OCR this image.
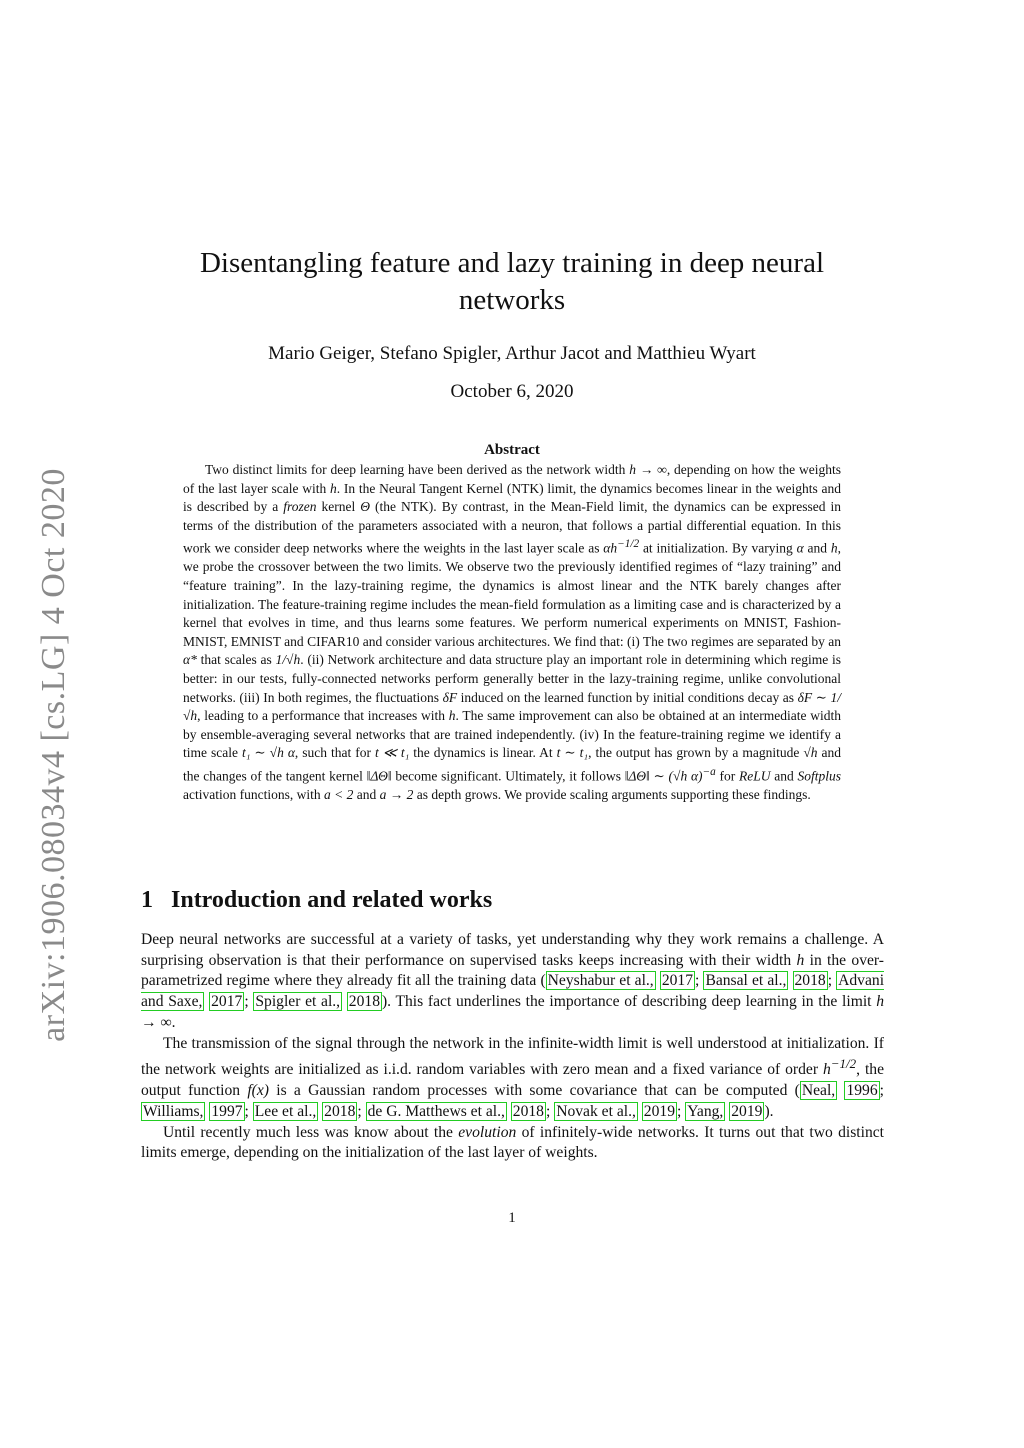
arXiv:1906.08034v4 [cs.LG] 4 Oct 2020
Disentangling feature and lazy training in deep neural networks
Mario Geiger, Stefano Spigler, Arthur Jacot and Matthieu Wyart
October 6, 2020
Abstract

Two distinct limits for deep learning have been derived as the network width h → ∞, depending on how the weights of the last layer scale with h. In the Neural Tangent Kernel (NTK) limit, the dynamics becomes linear in the weights and is described by a frozen kernel Θ (the NTK). By contrast, in the Mean-Field limit, the dynamics can be expressed in terms of the distribution of the parameters associated with a neuron, that follows a partial differential equation. In this work we consider deep networks where the weights in the last layer scale as $\alpha h^{-1/2}$ at initialization. By varying α and h, we probe the crossover between the two limits. We observe two the previously identified regimes of “lazy training” and “feature training”. In the lazy-training regime, the dynamics is almost linear and the NTK barely changes after initialization. The feature-training regime includes the mean-field formulation as a limiting case and is characterized by a kernel that evolves in time, and thus learns some features. We perform numerical experiments on MNIST, Fashion-MNIST, EMNIST and CIFAR10 and consider various architectures. We find that: (i) The two regimes are separated by an α* that scales as 1/√h. (ii) Network architecture and data structure play an important role in determining which regime is better: in our tests, fully-connected networks perform generally better in the lazy-training regime, unlike convolutional networks. (iii) In both regimes, the fluctuations δF induced on the learned function by initial conditions decay as δF ∼ 1/√h, leading to a performance that increases with h. The same improvement can also be obtained at an intermediate width by ensemble-averaging several networks that are trained independently. (iv) In the feature-training regime we identify a time scale t₁ ∼ √h α, such that for t ≪ t₁ the dynamics is linear. At t ∼ t₁, the output has grown by a magnitude √h and the changes of the tangent kernel ‖ΔΘ‖ become significant. Ultimately, it follows ‖ΔΘ‖ ∼ (√h α)$^{-a}$ for ReLU and Softplus activation functions, with a < 2 and a → 2 as depth grows. We provide scaling arguments supporting these findings.

1 Introduction and related works

Deep neural networks are successful at a variety of tasks, yet understanding why they work remains a challenge. A surprising observation is that their performance on supervised tasks keeps increasing with their width h in the over-parametrized regime where they already fit all the training data ( Neyshabur et al., 2017 ; Bansal et al., 2018 ; Advani and Saxe, 2017 ; Spigler et al., 2018 ). This fact underlines the importance of describing deep learning in the limit h → ∞.

The transmission of the signal through the network in the infinite-width limit is well understood at initialization. If the network weights are initialized as i.i.d. random variables with zero mean and a fixed variance of order $h^{-1/2}$, the output function f(x) is a Gaussian random processes with some covariance that can be computed ( Neal, 1996 ; Williams, 1997 ; Lee et al., 2018 ; de G. Matthews et al., 2018 ; Novak et al., 2019 ; Yang, 2019 ).

Until recently much less was know about the evolution of infinitely-wide networks. It turns out that two distinct limits emerge, depending on the initialization of the last layer of weights.

1
